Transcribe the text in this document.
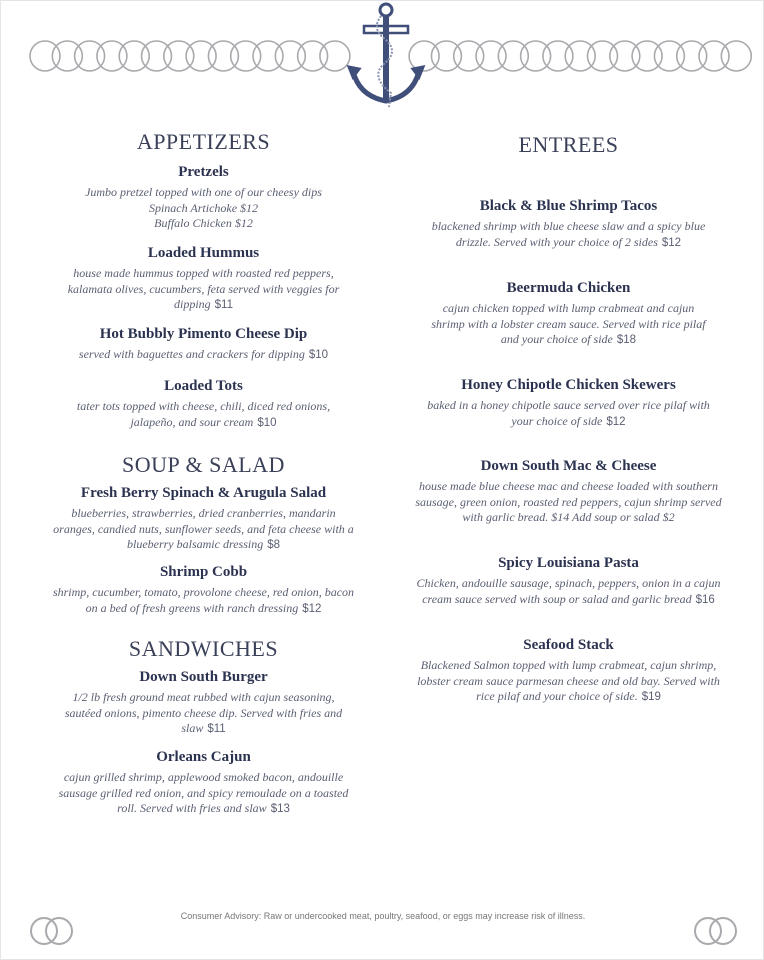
APPETIZERS
Pretzels
Jumbo pretzel topped with one of our cheesy dips
Spinach Artichoke $12
Buffalo Chicken $12
Loaded Hummus
house made hummus topped with roasted red peppers,
kalamata olives, cucumbers, feta served with veggies for
dipping $11
Hot Bubbly Pimento Cheese Dip
served with baguettes and crackers for dipping $10
Loaded Tots
tater tots topped with cheese, chili, diced red onions,
jalapeño, and sour cream $10
SOUP & SALAD
Fresh Berry Spinach & Arugula Salad
blueberries, strawberries, dried cranberries, mandarin
oranges, candied nuts, sunflower seeds, and feta cheese with a
blueberry balsamic dressing $8
Shrimp Cobb
shrimp, cucumber, tomato, provolone cheese, red onion, bacon
on a bed of fresh greens with ranch dressing $12
SANDWICHES
Down South Burger
1/2 lb fresh ground meat rubbed with cajun seasoning,
sautéed onions, pimento cheese dip. Served with fries and
slaw $11
Orleans Cajun
cajun grilled shrimp, applewood smoked bacon, andouille
sausage grilled red onion, and spicy remoulade on a toasted
roll. Served with fries and slaw $13
ENTREES
Black & Blue Shrimp Tacos
blackened shrimp with blue cheese slaw and a spicy blue
drizzle. Served with your choice of 2 sides $12
Beermuda Chicken
cajun chicken topped with lump crabmeat and cajun
shrimp with a lobster cream sauce. Served with rice pilaf
and your choice of side $18
Honey Chipotle Chicken Skewers
baked in a honey chipotle sauce served over rice pilaf with
your choice of side $12
Down South Mac & Cheese
house made blue cheese mac and cheese loaded with southern
sausage, green onion, roasted red peppers, cajun shrimp served
with garlic bread. $14 Add soup or salad $2
Spicy Louisiana Pasta
Chicken, andouille sausage, spinach, peppers, onion in a cajun
cream sauce served with soup or salad and garlic bread $16
Seafood Stack
Blackened Salmon topped with lump crabmeat, cajun shrimp,
lobster cream sauce parmesan cheese and old bay. Served with
rice pilaf and your choice of side. $19
Consumer Advisory: Raw or undercooked meat, poultry, seafood, or eggs may increase risk of illness.
